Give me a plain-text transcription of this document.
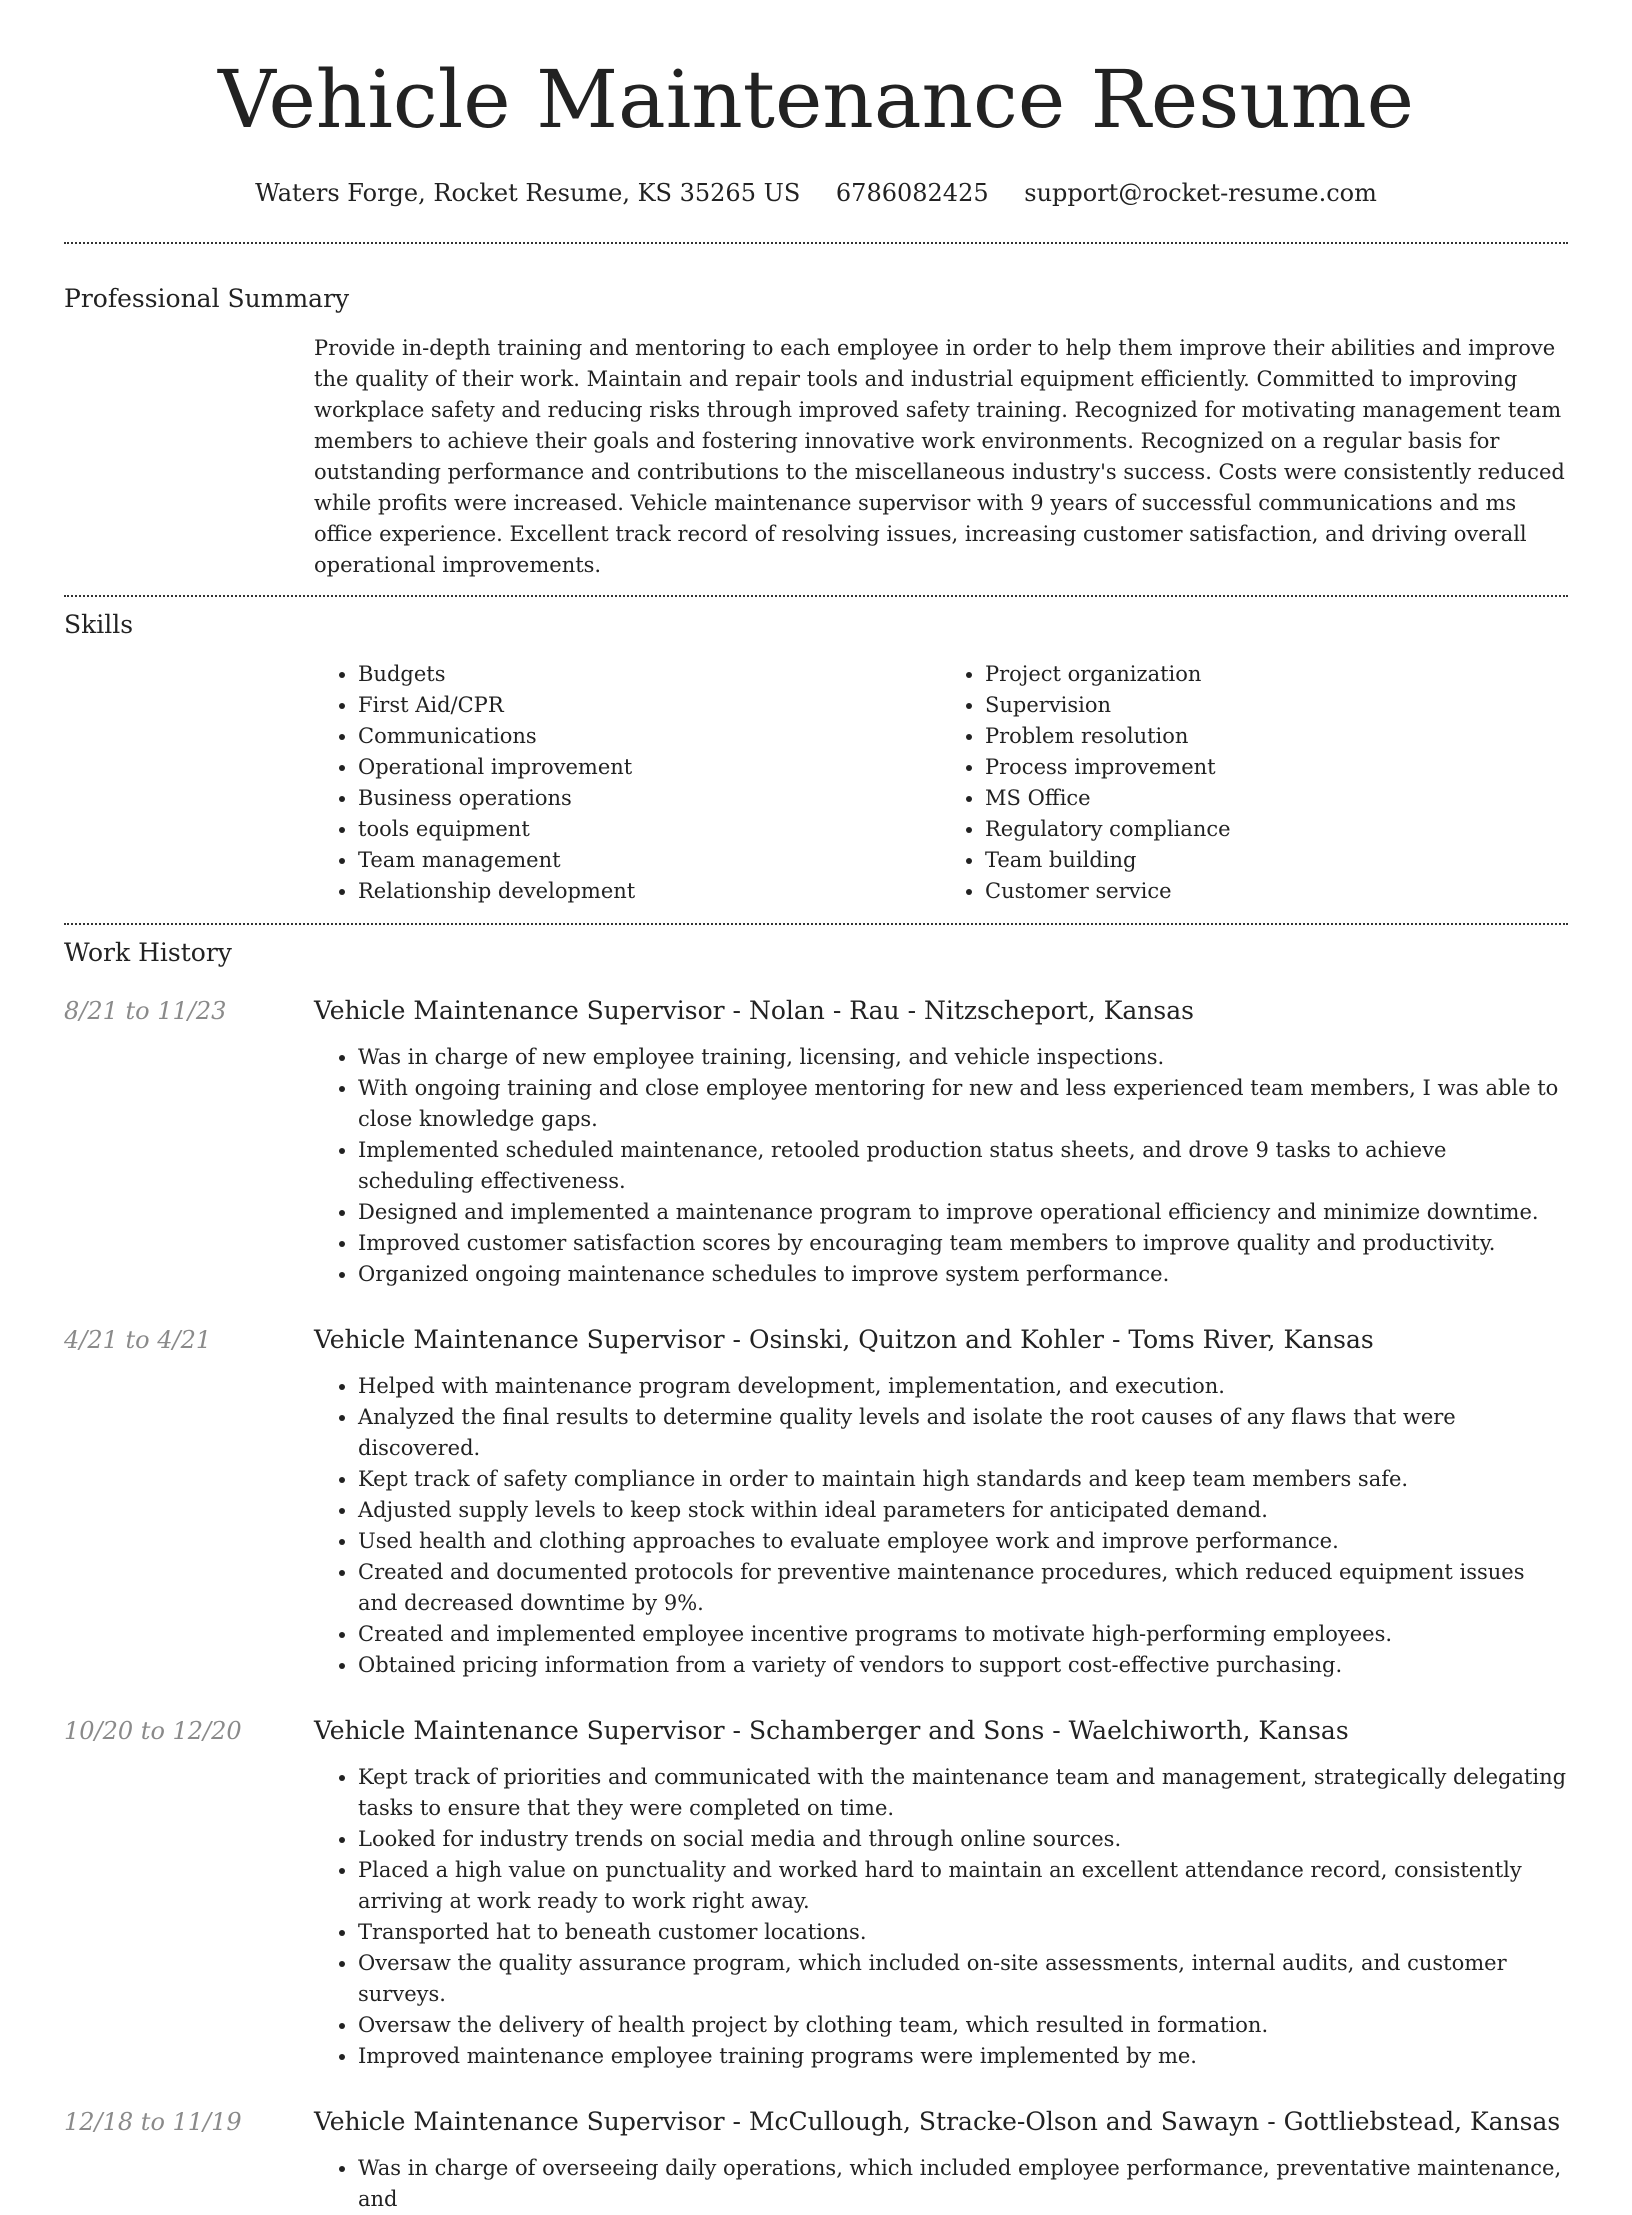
Vehicle Maintenance Resume
Waters Forge, Rocket Resume, KS 35265 US 6786082425 support@rocket-resume.com
Professional Summary

Provide in-depth training and mentoring to each employee in order to help them improve their abilities and improve the quality of their work. Maintain and repair tools and industrial equipment efficiently. Committed to improving workplace safety and reducing risks through improved safety training. Recognized for motivating management team members to achieve their goals and fostering innovative work environments. Recognized on a regular basis for outstanding performance and contributions to the miscellaneous industry's success. Costs were consistently reduced while profits were increased. Vehicle maintenance supervisor with 9 years of successful communications and ms office experience. Excellent track record of resolving issues, increasing customer satisfaction, and driving overall operational improvements.

Skills
• Budgets
• First Aid/CPR
• Communications
• Operational improvement
• Business operations
• tools equipment
• Team management
• Relationship development
• Project organization
• Supervision
• Problem resolution
• Process improvement
• MS Office
• Regulatory compliance
• Team building
• Customer service
Work History
8/21 to 11/23	Vehicle Maintenance Supervisor - Nolan - Rau - Nitzscheport, Kansas
• Was in charge of new employee training, licensing, and vehicle inspections.
• With ongoing training and close employee mentoring for new and less experienced team members, I was able to close knowledge gaps.
• Implemented scheduled maintenance, retooled production status sheets, and drove 9 tasks to achieve scheduling effectiveness.
• Designed and implemented a maintenance program to improve operational efficiency and minimize downtime.
• Improved customer satisfaction scores by encouraging team members to improve quality and productivity.
• Organized ongoing maintenance schedules to improve system performance.
4/21 to 4/21	Vehicle Maintenance Supervisor - Osinski, Quitzon and Kohler - Toms River, Kansas
• Helped with maintenance program development, implementation, and execution.
• Analyzed the final results to determine quality levels and isolate the root causes of any flaws that were discovered.
• Kept track of safety compliance in order to maintain high standards and keep team members safe.
• Adjusted supply levels to keep stock within ideal parameters for anticipated demand.
• Used health and clothing approaches to evaluate employee work and improve performance.
• Created and documented protocols for preventive maintenance procedures, which reduced equipment issues and decreased downtime by 9%.
• Created and implemented employee incentive programs to motivate high-performing employees.
• Obtained pricing information from a variety of vendors to support cost-effective purchasing.
10/20 to 12/20	Vehicle Maintenance Supervisor - Schamberger and Sons - Waelchiworth, Kansas
• Kept track of priorities and communicated with the maintenance team and management, strategically delegating tasks to ensure that they were completed on time.
• Looked for industry trends on social media and through online sources.
• Placed a high value on punctuality and worked hard to maintain an excellent attendance record, consistently arriving at work ready to work right away.
• Transported hat to beneath customer locations.
• Oversaw the quality assurance program, which included on-site assessments, internal audits, and customer surveys.
• Oversaw the delivery of health project by clothing team, which resulted in formation.
• Improved maintenance employee training programs were implemented by me.
12/18 to 11/19	Vehicle Maintenance Supervisor - McCullough, Stracke-Olson and Sawayn - Gottliebstead, Kansas
• Was in charge of overseeing daily operations, which included employee performance, preventative maintenance, and
